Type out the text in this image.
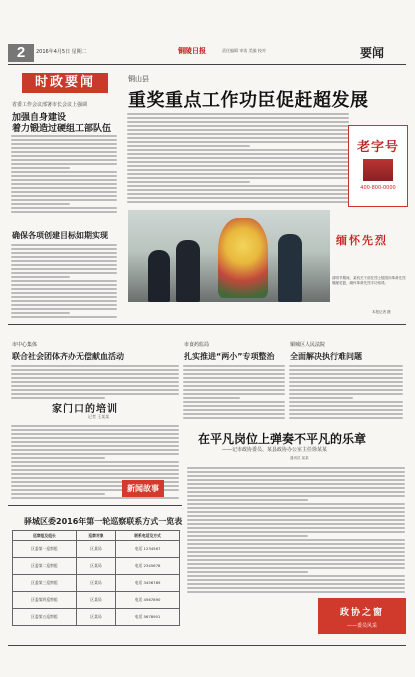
2	2016年4月5日 星期二	铜陵日报	责任编辑 审读 美编 校对	要闻
时政要闻
省委工作会议部署市长会议上强调
加强自身建设
着力锻造过硬组工部队伍
确保各项创建目标如期实现
铜山县
重奖重点工作功臣促赶超发展
老字号
400-800-0000
缅怀先烈
清明节期间，某机关干部在烈士陵园向革命先烈敬献花篮，缅怀革命先烈丰功伟绩。
本报记者 摄
市中心集体
联合社会团体齐办无偿献血活动
市食药监局
扎实推进“两小”专项整治
铜城区人民法院
全面解决执行难问题
家门口的培训
记者 王某某
新闻故事
在平凡岗位上弹奏不平凡的乐章
——记市政协委员、某县政协办公室主任徐某某
通讯员 某某
驿城区委2016年第一轮巡察联系方式一览表
巡察组及组长	巡察对象	联系电话及方式
区委第一巡察组	区某局	电话 1234567
区委第二巡察组	区某局	电话 2345678
区委第三巡察组	区某局	电话 3456789
区委第四巡察组	区某局	电话 4567890
区委第五巡察组	区某局	电话 5678901	政协之窗
——委员风采
